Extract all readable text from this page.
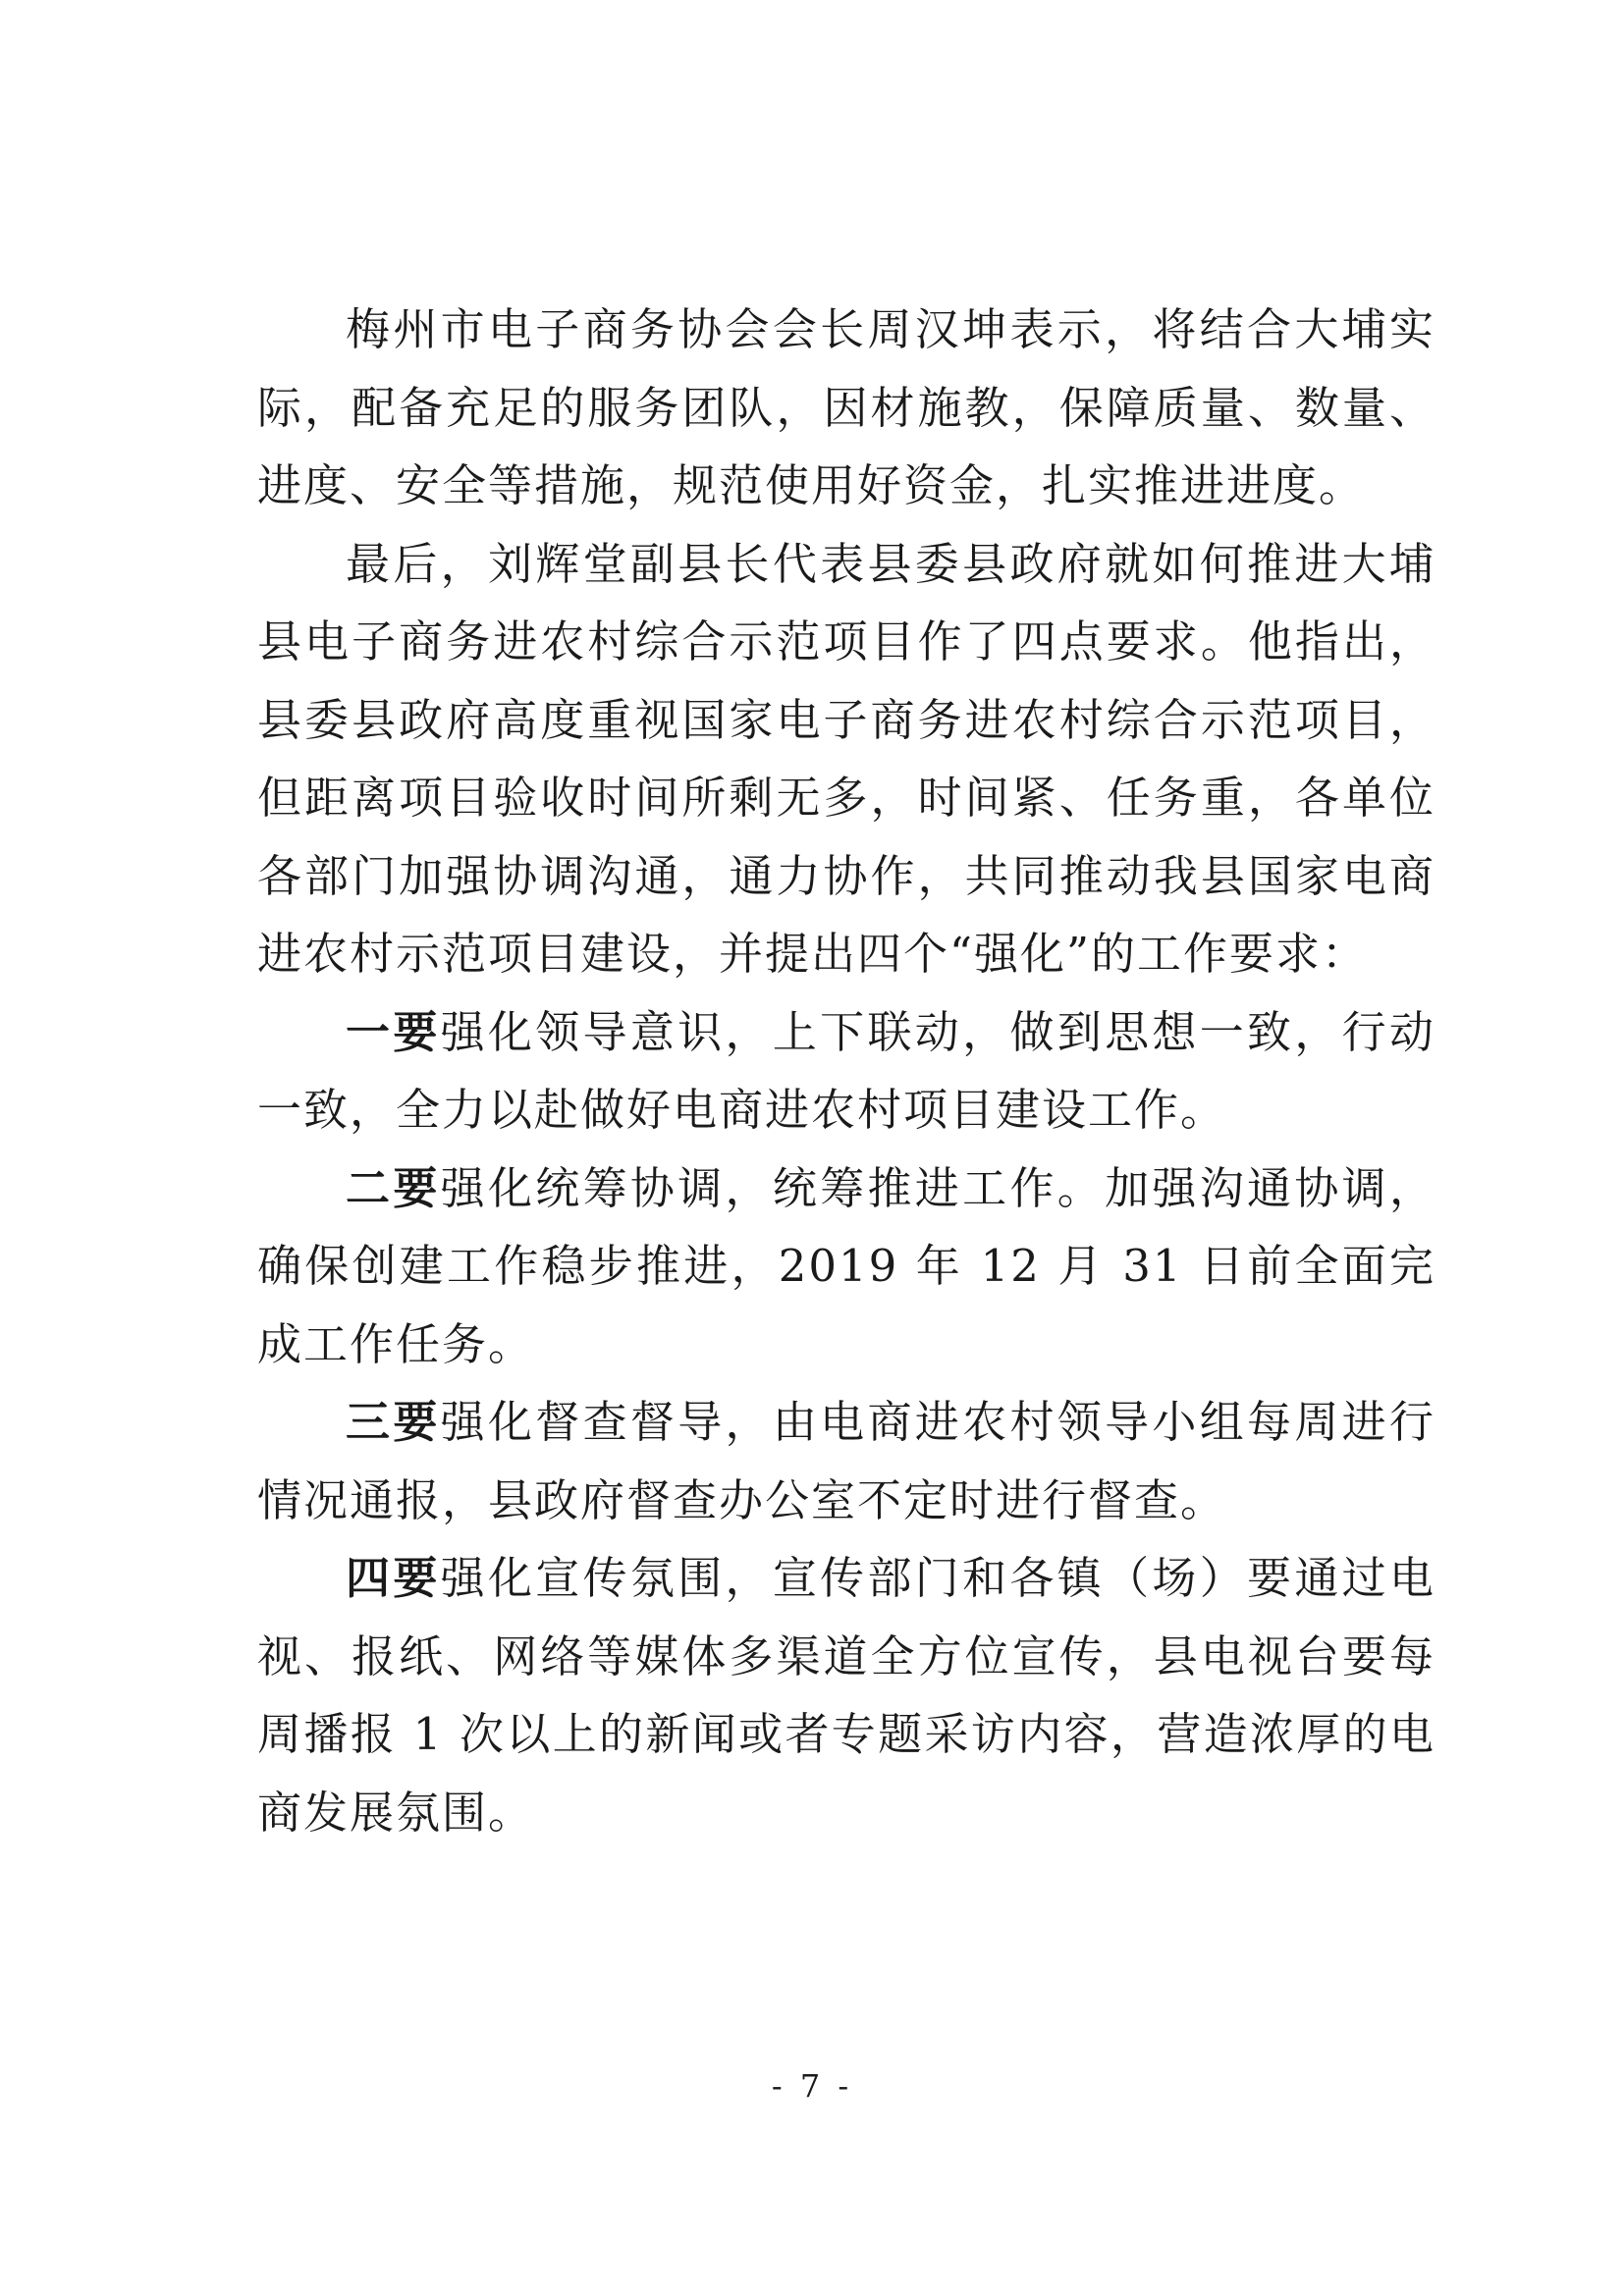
梅州市电子商务协会会长周汉坤表示，将结合大埔实际，配备充足的服务团队，因材施教，保障质量、数量、进度、安全等措施，规范使用好资金，扎实推进进度。

最后，刘辉堂副县长代表县委县政府就如何推进大埔县电子商务进农村综合示范项目作了四点要求。他指出，县委县政府高度重视国家电子商务进农村综合示范项目，但距离项目验收时间所剩无多，时间紧、任务重，各单位各部门加强协调沟通，通力协作，共同推动我县国家电商进农村示范项目建设，并提出四个“强化”的工作要求：

一要强化领导意识，上下联动，做到思想一致，行动一致，全力以赴做好电商进农村项目建设工作。

二要强化统筹协调，统筹推进工作。加强沟通协调，确保创建工作稳步推进，2019 年 12 月 31 日前全面完成工作任务。

三要强化督查督导，由电商进农村领导小组每周进行情况通报，县政府督查办公室不定时进行督查。

四要强化宣传氛围，宣传部门和各镇（场）要通过电视、报纸、网络等媒体多渠道全方位宣传，县电视台要每周播报 1 次以上的新闻或者专题采访内容，营造浓厚的电商发展氛围。

- 7 -
